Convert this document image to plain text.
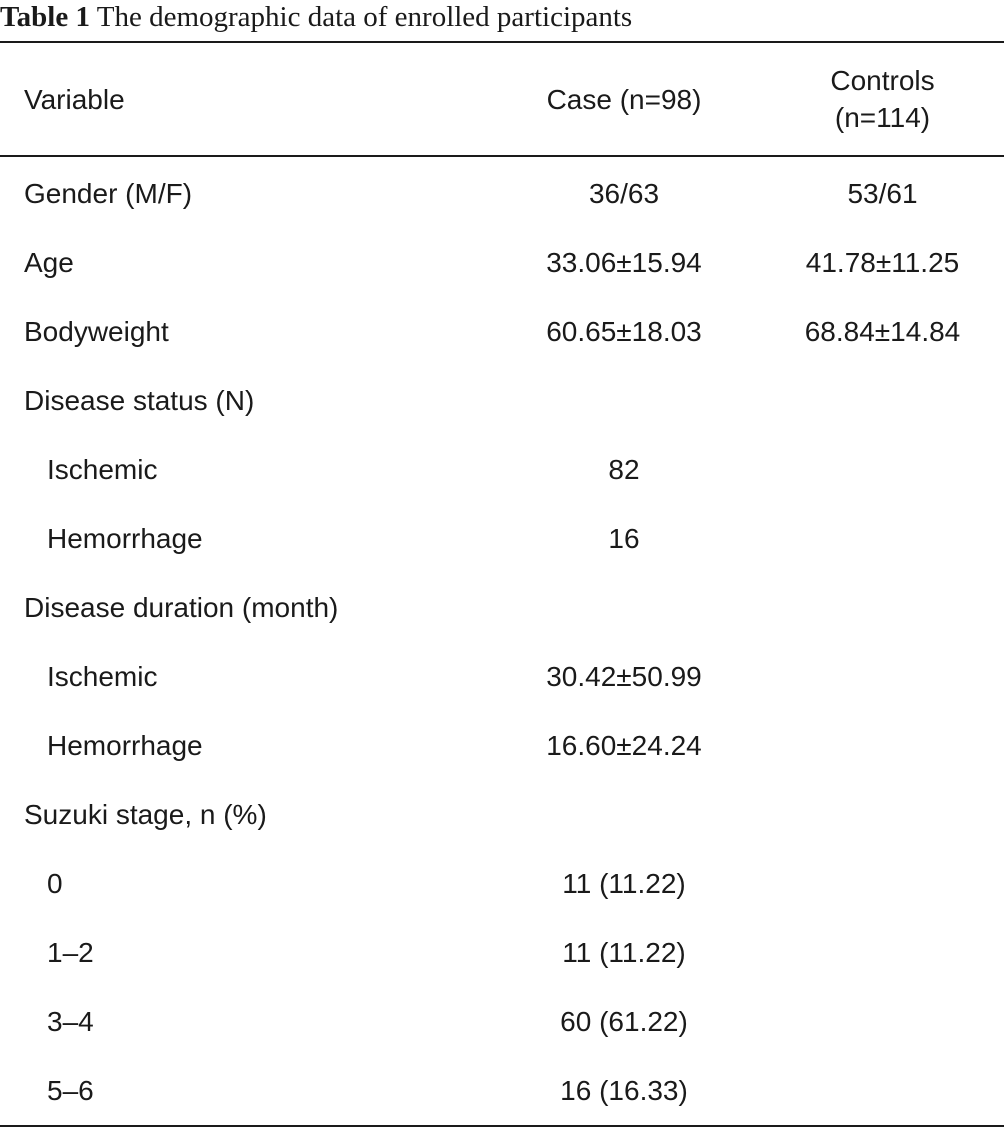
Table 1 The demographic data of enrolled participants
Variable	Case (n=98)	Controls
(n=114)
Gender (M/F)	36/63	53/61
Age	33.06±15.94	41.78±11.25
Bodyweight	60.65±18.03	68.84±14.84
Disease status (N)		
Ischemic	82	
Hemorrhage	16	
Disease duration (month)		
Ischemic	30.42±50.99	
Hemorrhage	16.60±24.24	
Suzuki stage, n (%)		
0	11 (11.22)	
1–2	11 (11.22)	
3–4	60 (61.22)	
5–6	16 (16.33)	
